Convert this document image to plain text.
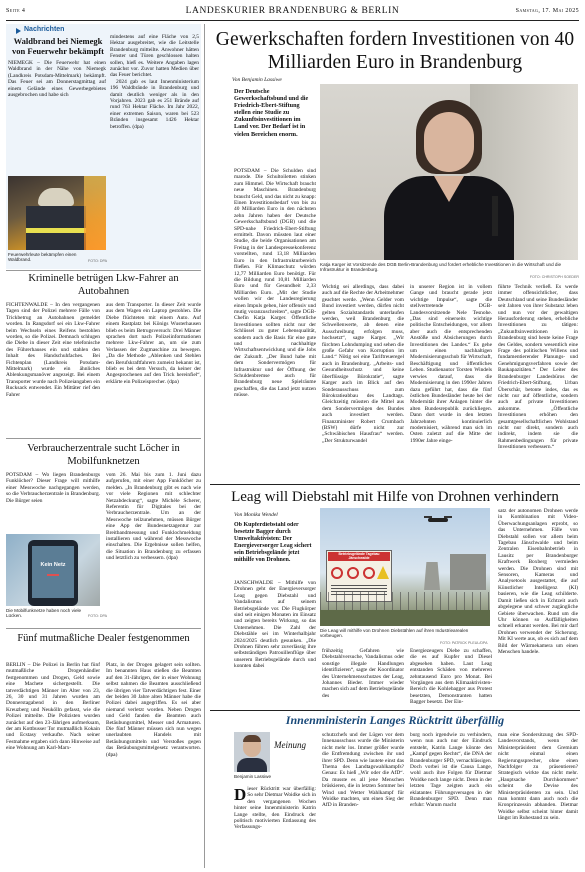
Seite 4	LANDESKURIER BRANDENBURG & BERLIN	Samstag, 17. Mai 2025
Nachrichten
Waldbrand bei Niemegk von Feuerwehr bekämpft
NIEMEGK – Die Feuerwehr hat einen Waldbrand in der Nähe von Niemegk (Landkreis Potsdam-Mittelmark) bekämpft. Das Feuer sei am Donnerstagmittag auf einem Gelände eines Gewerbegebietes ausgebrochen und habe sich

mindestens auf eine Fläche von 2,5 Hektar ausgebreitet, wie die Leitstelle Brandenburg mitteilte. Anwohner hätten Fenster und Türen geschlossen halten sollen, hieß es. Weitere Angaben lagen zunächst vor. Zuvor hatten Medien über das Feuer berichtet.

2024 gab es laut Innenministerium 196 Waldbrände in Brandenburg und damit deutlich weniger als in den Vorjahren. 2023 gab es 251 Brände auf rund 763 Hektar Fläche. Im Jahr 2022, einer extremen Saison, waren bei 523 Bränden insgesamt 1426 Hektar betroffen. (dpa)

Feuerwehrleute bekämpfen einen Waldbrand.	FOTO: DPA
Kriminelle betrügen Lkw-Fahrer an Autobahnen
FICHTENWALDE – In den vergangenen Tagen sind der Polizei mehrere Fälle von Trickbetrug an Autobahnen gemeldet worden. In Rangsdorf sei ein Lkw-Fahrer beim Wechseln eines Reifens bestohlen worden, so die Polizei. Demnach schlugen die Diebe in dieser Zeit eine telefonische des Führerhauses ein und stahlen den Inhalt des Handschuhfaches. Bei Fichtenplan (Landkreis Potsdam-Mittelmark) wurde ein ähnliches Ablenkungsmanöver angezeigt. Bei einem Transporter wurde nach Polizeiangaben ein Rucksack entwendet. Ein Mittäter rief den Fahrer
aus dem Transporter. In dieser Zeit wurde aus dem Wagen ein Laptop gestohlen. Die Diebe flüchteten mit einem Auto. Auf einem Rastplatz bei Königs Wusterhausen blieb es beim Betrugsversuch: Drei Männer sprachen dort nach Polizeiinformationen mehrere Lkw-Fahrer an, um sie zum Verlassen der Zugmaschine zu bewegen. „Da die Methode „Ablenken und Stehlen den Berufskraftfahrern zumeist bekannt ist, blieb es bei dem Versuch, da keiner der Angesprochenen auf den Trick hereinfiel“, erklärte ein Polizeisprecher. (dpa)
Verbraucherzentrale sucht Löcher in Mobilfunknetzen
POTSDAM – Wo liegen Brandenburgs Funklöcher? Dieser Frage will mithilfe einer Messwoche nachgegangen werden, so die Verbraucherzentrale in Brandenburg. Die Bürger seien
vom 26. Mai bis zum 1. Juni dazu aufgerufen, mit einer App Funklöcher zu melden. „In Brandenburg gibt es nach wie vor viele Regionen mit schlechter Netzabdeckung“, sagte Michèle Scherer, Referentin für Digitales bei der Verbraucherzentrale. Um an der Messwoche teilzunehmen, müssen Bürger eine App der Bundesnetzagentur zur Breitbandmessung und Funklochmeldung installieren und während der Messwoche einschalten. Die Ergebnisse sollen helfen, die Situation in Brandenburg zu erfassen und letztlich zu verbessern. (dpa)
Kein Netz
Die Mobilfunknetze haben noch viele Lücken.	FOTO: DPA
Fünf mutmaßliche Dealer festgenommen
BERLIN – Die Polizei in Berlin hat fünf mutmaßliche Drogenhändler festgenommen und Drogen, Geld sowie eine Machete sichergestellt. Die tatverdächtigen Männer im Alter von 23, 26, 30 und 31 Jahren wurden am Donnerstagabend in den Berliner Kreuzberg und Neukölln gefasst, wie die Polizei mitteilte. Die Polizisten wurden zunächst auf den 23-Jährigen aufmerksam, der am Kottbusser Tor mutmaßlich Kokain und Ecstasy verkaufte. Nach seiner Festnahme ergaben sich dann Hinweise auf eine Wohnung am Karl-Marx-
Platz, in der Drogen gelagert sein sollten. Im benannten Haus stießen die Beamten auf den 31-Jährigen, der in einer Wohnung selbst nahmen die Beamten ausschließend die übrigen vier Tatverdächtigen fest. Einer der beiden 30 Jahre alten Männer habe die Polizei dabei angegriffen. Es sei aber niemand verletzt worden. Neben Drogen und Geld fanden die Beamten auch Betäubungsmittel, Messer und Armaturen. Die fünf Männer müssen sich nun wegen unerlaubten Handels mit Betäubungsmitteln und Verstoßes gegen das Betäubungsmittelgesetz verantworten. (dpa)
Gewerkschaften fordern Investitionen von 40 Milliarden Euro in Brandenburg
Von Benjamin Lassiwe
Der Deutsche Gewerkschaftsbund und die Friedrich-Ebert-Stiftung stellen eine Studie zu Zukunftsinvestitionen im Land vor. Der Bedarf ist in vielen Bereichen enorm.
Katja Karger ist Vorsitzende des DGB Berlin-Brandenburg und fordert erhebliche Investitionen in die Wirtschaft und die Infrastruktur in Brandenburg.
FOTO: CHRISTOPH SOEDER
POTSDAM – Die Schulden sind marode. Die Schultoiletten stinken zum Himmel. Die Wirtschaft braucht neue Maschinen. Brandenburg braucht Geld, und das nicht zu knapp: Einen Investitionsbedarf von bis zu 40 Milliarden Euro in den nächsten zehn Jahren haben der Deutsche Gewerkschaftsbund (DGB) und die SPD-nahe Friedrich-Ebert-Stiftung ermittelt. Davon müssten laut einer Studie, die beide Organisationen am Freitag in der Landespressekonferenz vorstellten, rund 13,18 Milliarden Euro in den Infrastrukturbereich fließen. Für Klimaschutz würden 12,77 Milliarden Euro benötigt. Für die Bildung rund 10,81 Milliarden Euro und für Gesundheit 2,33 Milliarden Euro. „Mit der Studie wollen wir der Landesregierung einen Impuls geben, hier offensiv und mutig voranzuschreiten“, sagte DGB-Chefin Katja Karger. Öffentliche Investitionen sollten nicht nur der Schlüssel zu guter Lebensqualität, sondern auch die Basis für eine gute und nachhaltige Wirtschaftsentwicklung und die Jobs der Zukunft. „Der Bund habe mit dem Sondervermögen für Infrastruktur und der Öffnung der Schuldenbremse auch für Brandenburg neue Spielräume geschaffen, die das Land jetzt nutzen müsse.
Wichtig sei allerdings, dass dabei auch auf die Rechte der Arbeitnehmer geachtet werde. „Wenn Gelder vom Bund investiert werden, dürfen nicht gelten Sozialstandards unterlaufen werden, weil Brandenburg die Schwellenwerte, ab denen eine Ausschreibung erfolgen muss, hochsetzt“, sagte Karger. „Wir fürchten Lohndumping und sehen die große Gefahr von Korruption im Land.“ Nötig sei eine Tariftreueregel auch in Brandenburg. „Arbeits- und Gesundheitsschutz und keine überflüssige Bürokratie“, sagte Karger auch im Blick auf den Sonderausschuss zum Bürokratieabbau des Landtags. Gleichzeitig müssten die Mittel aus dem Sondervermögen des Bundes auch investiert werden. Finanzminister Robert Crumbach (BSW) dürfe nicht zur „Schwäbischen Hausfrau“ werden. „Der Strukturwandel
in unserer Region ist in vollem Gange und braucht gerade jetzt wichtige Impulse“, sagte die stellvertretende DGB-Landesvorsitzende Nele Tesnohe. „Das sind einerseits wichtige politische Entscheidungen, vor allem aber auch die entsprechenden Anstöße und Absicherungen durch Investitionen des Landes.“ Es gehe um einen nachhaltigen Modernisierungsschub für Wirtschaft, Beschäftigung und öffentliches Leben. Studienautor Torsten Windels verwies darauf, dass die Modernisierung in den 1990er Jahren dazu geführt hat, dass die fünf östlichen Bundesländer heute bei der Modernität ihrer Anlagen hinter die alten Bundesrepublik zurückliegen. Dann dort wurde in den letzten Jahrzehnten kontinuierlich modernisiert, während man sich im Osten zuletzt auf die Mitte der 1990er Jahre einge-
führte Technik verließ. Es werde immer offensichtlicher, dass Deutschland und seine Bundesländer seit Jahren von ihrer Substanz leben und nun vor der gewaltigen Herausforderung stehen, erhebliche Investitionen zu tätigen: „Zukunftsinvestitionen in Brandenburg sind heute keine Frage des Geldes, sondern wesentlich eine Frage des politischen Willens und fundamentierender Planungs- und Genehmigungsverfahren sowie der Baukapazitäten.“ Der Leiter des Brandenburger Landesbüros der Friedrich-Ebert-Stiftung, Urban Überschär, betonte indes, das es nicht nur auf öffentliche, sondern auch auf private Investitionen ankomme. „Öffentliche Investitionen erhöhen den gesamtgesellschaftlichen Wohlstand nicht nur direkt, sondern auch indirekt, indem sie die Rahmenbedingungen für private Investitionen verbessern.“
Leag will Diebstahl mit Hilfe von Drohnen verhindern
Von Monika Wendel
Ob Kupferdiebstahl oder besetzte Bagger durch Umweltaktivisten: Der Energieversorger Leag sichert sein Betriebsgelände jetzt mithilfe von Drohnen.
JÄNSCHWALDE – Mithilfe von Drohnen geht der Energieversorger Leag gegen Diebstahl und Vandalismus auf seinem Betriebsgelände vor. Die Flugkörper sind seit einigen Monaten im Einsatz und zeigten bereits Wirkung, so das Unternehmen. Die Zahl der Diebstähle sei im Winterhalbjahr 2024/2025 deutlich gesunken. „Die Drohnen führen sehr zuverlässig ihre selbstständigen Patrouillenflüge über unserem Betriebsgelände durch und konnten dabei
Betriebsgelände Tagebau Jänschwalde
Die Leag will mithilfe von Drohnen Diebstählen auf ihren Industriearealen vorbeugen.
FOTO: PATRICK PLEUL/DPA
frühzeitig Gefahren wie Diebstahlversuche, Vandalismus oder sonstige illegale Handlungen identifizieren“, sagte der Koordinator des Unternehmensschutzes der Leag, Johannes Bieder. Immer wieder machen sich auf dem Betriebsgelände des
Energiezeugers Diebe zu schaffen, die es auf Kupfer und Diesel abgesehen haben. Laut Leag entstanden Schäden von mehreren zehntausend Euro pro Monat. Bei Vorgängen aus dem Klimaaktivisten-Bereich die Kohlebagger aus Protest besetzten, Demonstranten hatten Bagger besetzt. Der Ein-
satz der autonomen Drohnen werde in Kombination mit Video-Überwachungsanlagen erprobt, so das Unternehmen. Fälle von Diebstahl sollen vor allem beim Tagebau Jänschwalde und beim Zentralen Eisenbahnbetrieb in Lausitz per Brandenburger Kraftwerk Boxberg vermieden werden. Die Drohnen sind mit Sensoren, Kameras und Analysetools ausgestattet, die auf Künstlicher Intelligenz (KI) basieren, wie die Leag schilderte. Damit ließen sich in Echtzeit auch abgelegene und schwer zugängliche Gebiete überwachen. Rund um die Uhr können so Auffälligkeiten schnell erkannt werden. Bei mir darf Drohnen verwendet der Sicherung. Mit KI werte aus, ob es sich auf dem Bild der Wärmekamera um einen Menschen handele.
Innenministerin Langes Rücktritt überfällig
Meinung
Benjamin Lassiwe
Dieser Rücktritt war überfällig: So sehr Dietmar Woidke sich in den vergangenen Wochen hinter seine Innenministerin Katrin Lange stellte, den Eindruck der politisch motivierten Entlassung des Verfassungs-
schutzchefs und der Lügen vor dem Innenausschuss wurde die Ministerin nicht mehr los. Immer größer wurde die Entfremdung zwischen ihr und ihrer SPD. Denn wie lautete einst das Thema des Landtagswahlkampfs? Genau: Es hieß „Wir oder die AfD“. Da musste es all jene Menschen brüskieren, die in letzten Sommer bei Wind und Wetter Wahlkampf für Woidke machten, um einen Sieg der AfD in Branden-
burg noch irgendwie zu verhindern, wenn nun auch nur der Eindruck entsteht, Katrin Lange könnte den „Kampf gegen Rechts“, die DNA der Brandenburger SPD, vernachlässigen. Doch vorbei ist die Causa Lange, wohl auch ihre Folgen für Dietmar Woidke noch lange nicht. Denn in der letzten Tage zeigten auch ein eklatantes Führungsversagen in der Brandenburger SPD. Denn man erfuhr: Warum macht
man eine Sondersitzung des SPD-Landesvorstands, wenn der Ministerpräsident dem Gremium nicht einmal einen Regierungssprecher, ohne einen Nachfolger zu präsentieren? Strategisch wirkte das nicht mehr. „Hauptsache Durchkommen“ scheint die Devise des Ministerpräsidenten zu sein. Und man kommt dann auch noch die Kronprinzessin abhanden. Dietmar Woidke selbst scheint hinter damit längst im Ruhestand zu sein.
